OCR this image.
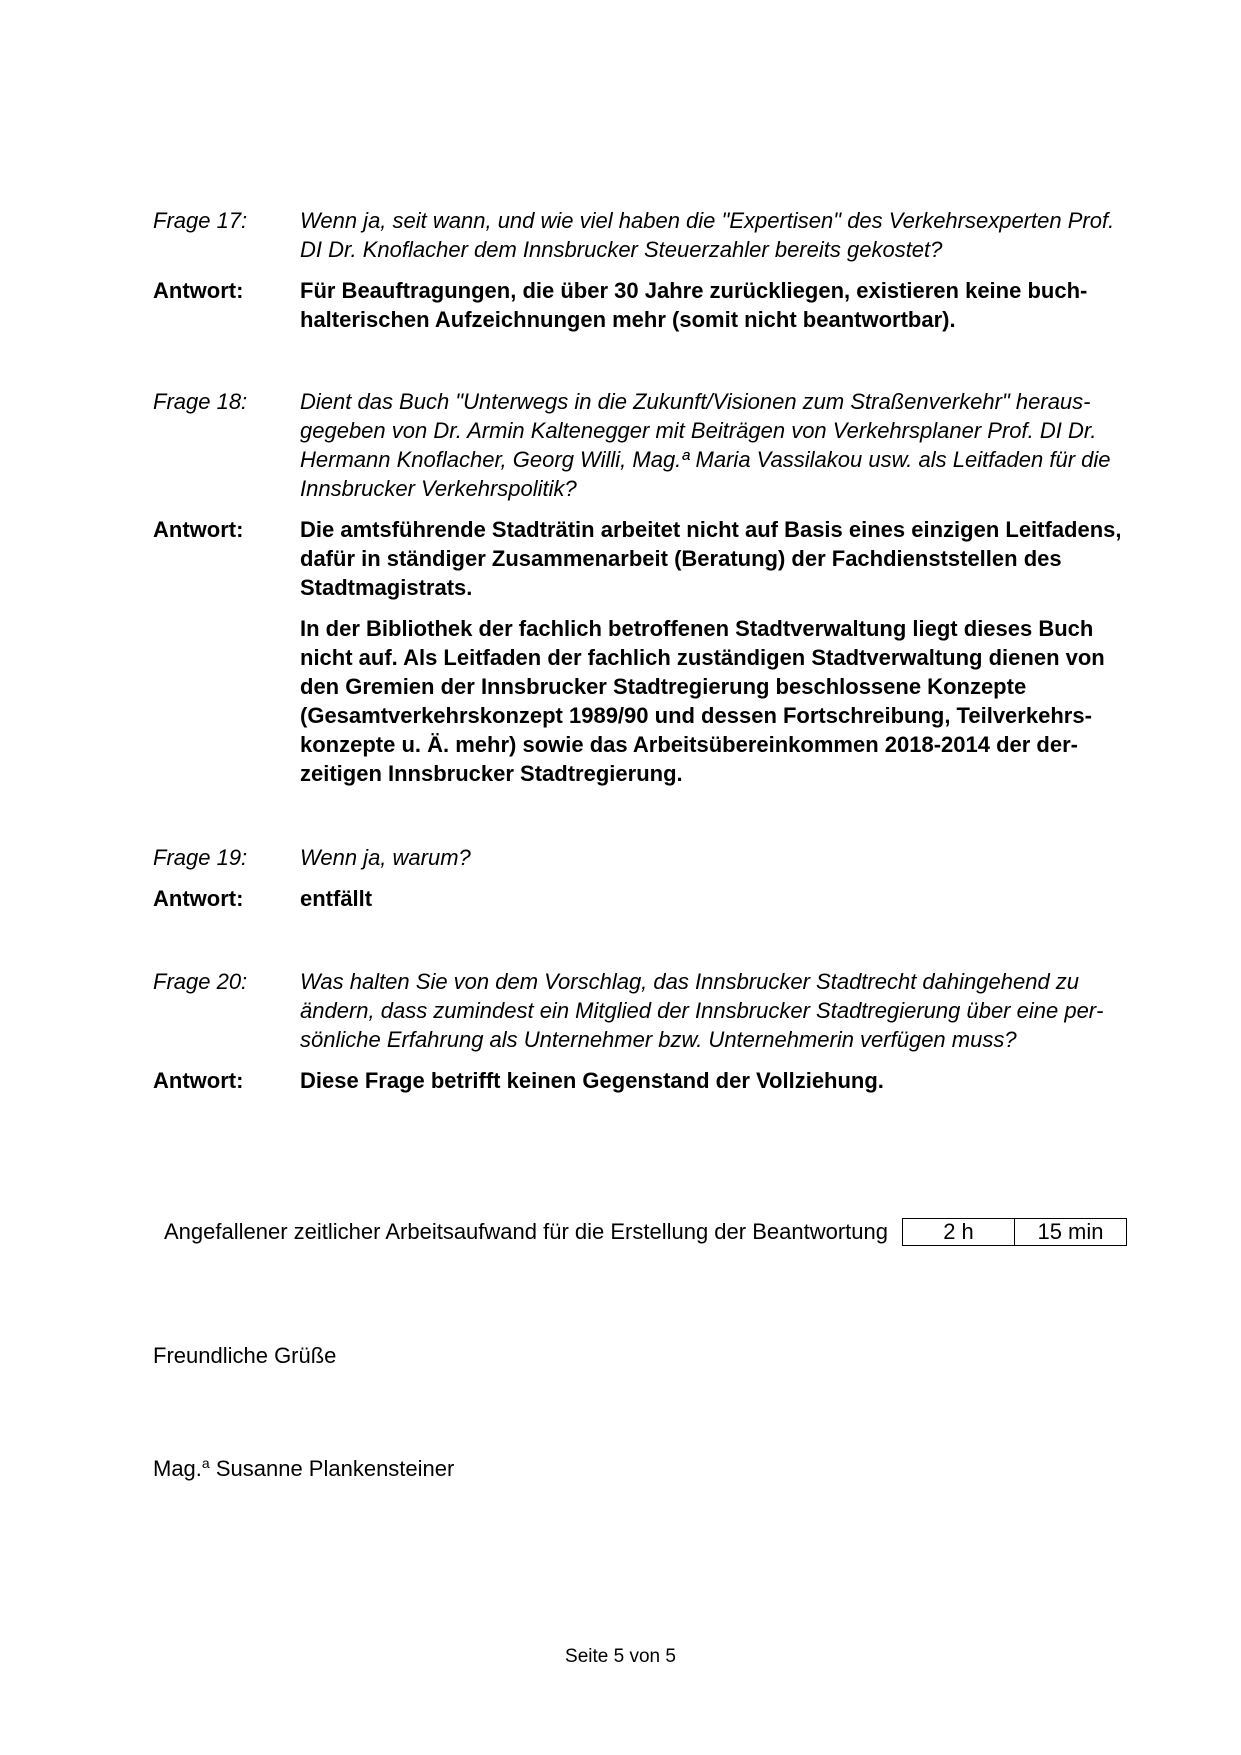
Frage 17:	Wenn ja, seit wann, und wie viel haben die "Expertisen" des Verkehrsexperten Prof. DI Dr. Knoflacher dem Innsbrucker Steuerzahler bereits gekostet?
Antwort:	Für Beauftragungen, die über 30 Jahre zurückliegen, existieren keine buchhalterischen Aufzeichnungen mehr (somit nicht beantwortbar).
Frage 18:	Dient das Buch "Unterwegs in die Zukunft/Visionen zum Straßenverkehr" herausgegeben von Dr. Armin Kaltenegger mit Beiträgen von Verkehrsplaner Prof. DI Dr. Hermann Knoflacher, Georg Willi, Mag.ª Maria Vassilakou usw. als Leitfaden für die Innsbrucker Verkehrspolitik?
Antwort:	Die amtsführende Stadträtin arbeitet nicht auf Basis eines einzigen Leitfadens, dafür in ständiger Zusammenarbeit (Beratung) der Fachdienststellen des Stadtmagistrats.
In der Bibliothek der fachlich betroffenen Stadtverwaltung liegt dieses Buch nicht auf. Als Leitfaden der fachlich zuständigen Stadtverwaltung dienen von den Gremien der Innsbrucker Stadtregierung beschlossene Konzepte (Gesamtverkehrskonzept 1989/90 und dessen Fortschreibung, Teilverkehrskonzepte u. Ä. mehr) sowie das Arbeitsübereinkommen 2018-2014 der derzeitigen Innsbrucker Stadtregierung.
Frage 19:	Wenn ja, warum?
Antwort:	entfällt
Frage 20:	Was halten Sie von dem Vorschlag, das Innsbrucker Stadtrecht dahingehend zu ändern, dass zumindest ein Mitglied der Innsbrucker Stadtregierung über eine persönliche Erfahrung als Unternehmer bzw. Unternehmerin verfügen muss?
Antwort:	Diese Frage betrifft keinen Gegenstand der Vollziehung.
Angefallener zeitlicher Arbeitsaufwand für die Erstellung der Beantwortung	2 h	15 min
Freundliche Grüße
Mag.$^a$ Susanne Plankensteiner
Seite 5 von 5
